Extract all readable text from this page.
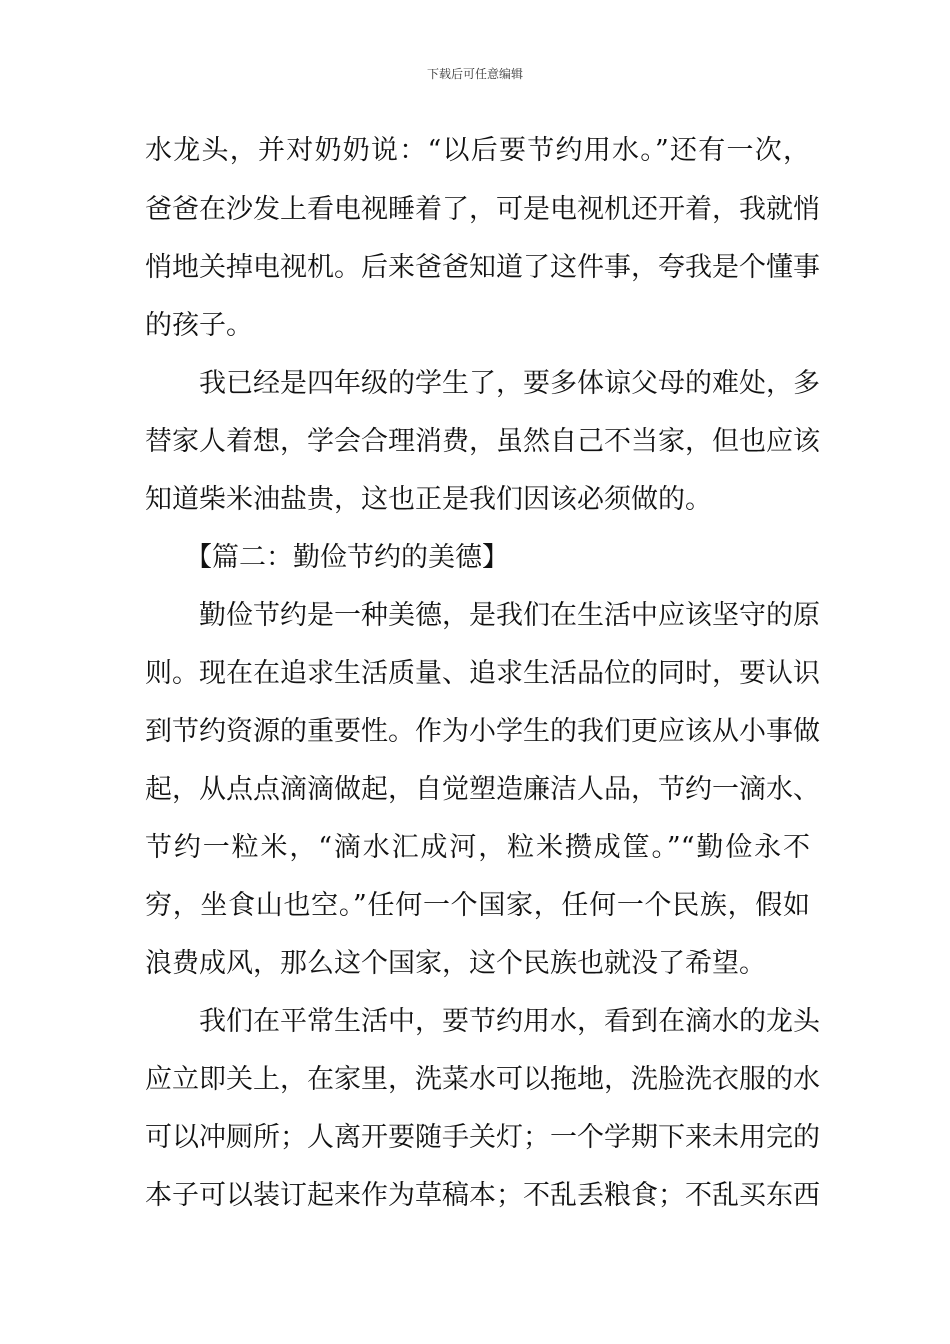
下载后可任意编辑
水龙头，并对奶奶说：“以后要节约用水。”还有一次，
爸爸在沙发上看电视睡着了，可是电视机还开着，我就悄
悄地关掉电视机。后来爸爸知道了这件事，夸我是个懂事
的孩子。
我已经是四年级的学生了，要多体谅父母的难处，多
替家人着想，学会合理消费，虽然自己不当家，但也应该
知道柴米油盐贵，这也正是我们因该必须做的。
【篇二：勤俭节约的美德】
勤俭节约是一种美德，是我们在生活中应该坚守的原
则。现在在追求生活质量、追求生活品位的同时，要认识
到节约资源的重要性。作为小学生的我们更应该从小事做
起，从点点滴滴做起，自觉塑造廉洁人品，节约一滴水、
节约一粒米，“滴水汇成河，粒米攒成筐。”“勤俭永不
穷，坐食山也空。”任何一个国家，任何一个民族，假如
浪费成风，那么这个国家，这个民族也就没了希望。
我们在平常生活中，要节约用水，看到在滴水的龙头
应立即关上，在家里，洗菜水可以拖地，洗脸洗衣服的水
可以冲厕所；人离开要随手关灯；一个学期下来未用完的
本子可以装订起来作为草稿本；不乱丢粮食；不乱买东西
